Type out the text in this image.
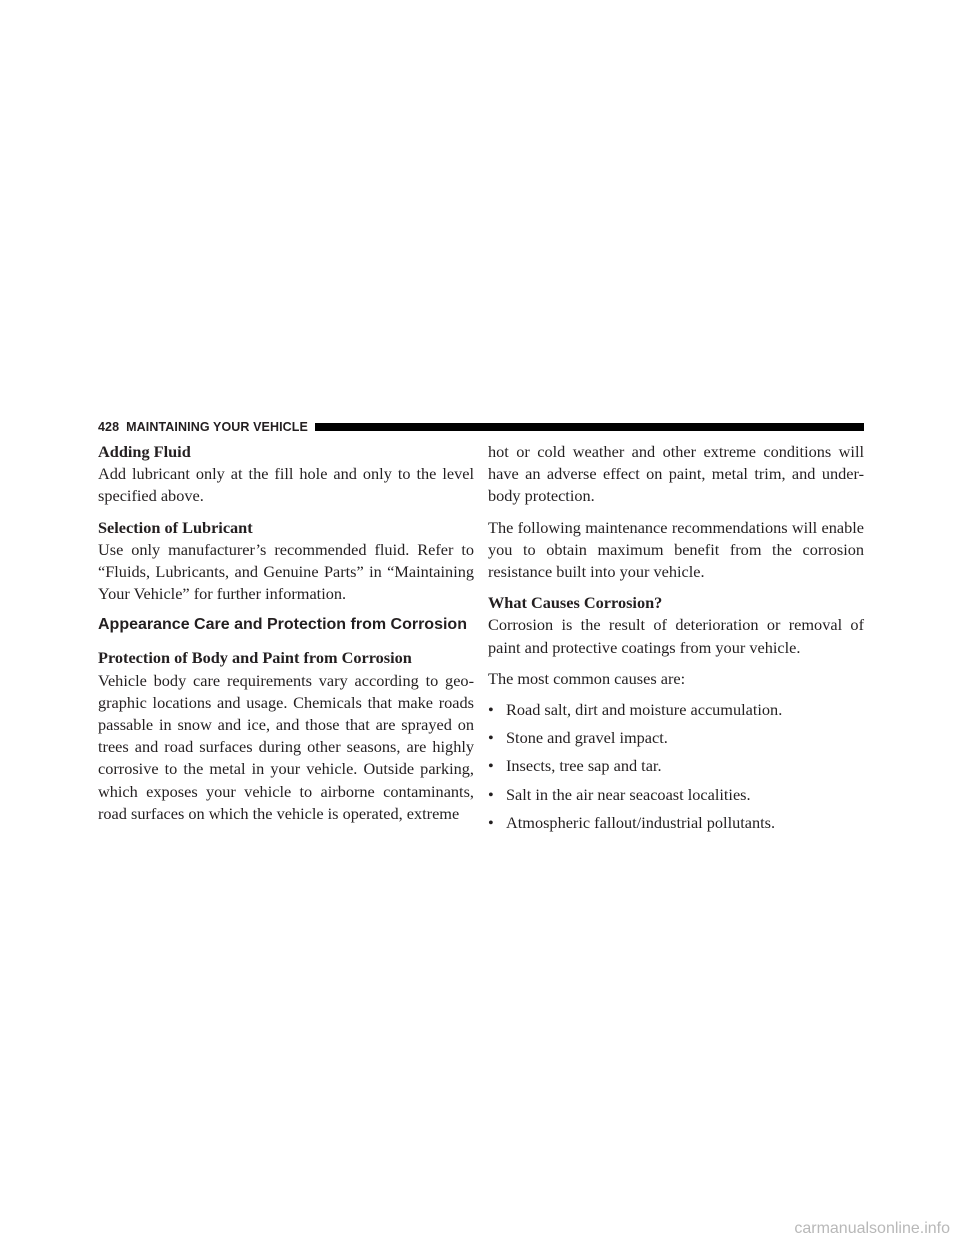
428 MAINTAINING YOUR VEHICLE

Adding Fluid
Add lubricant only at the fill hole and only to the level specified above.

Selection of Lubricant
Use only manufacturer’s recommended fluid. Refer to “Fluids, Lubricants, and Genuine Parts” in “Maintaining Your Vehicle” for further information.

Appearance Care and Protection from Corrosion

Protection of Body and Paint from Corrosion
Vehicle body care requirements vary according to geo-graphic locations and usage. Chemicals that make roads passable in snow and ice, and those that are sprayed on trees and road surfaces during other seasons, are highly corrosive to the metal in your vehicle. Outside parking, which exposes your vehicle to airborne contaminants, road surfaces on which the vehicle is operated, extreme

hot or cold weather and other extreme conditions will have an adverse effect on paint, metal trim, and under-body protection.

The following maintenance recommendations will enable you to obtain maximum benefit from the corrosion resistance built into your vehicle.

What Causes Corrosion?
Corrosion is the result of deterioration or removal of paint and protective coatings from your vehicle.

The most common causes are:

• Road salt, dirt and moisture accumulation.
• Stone and gravel impact.
• Insects, tree sap and tar.
• Salt in the air near seacoast localities.
• Atmospheric fallout/industrial pollutants.
carmanualsonline.info
